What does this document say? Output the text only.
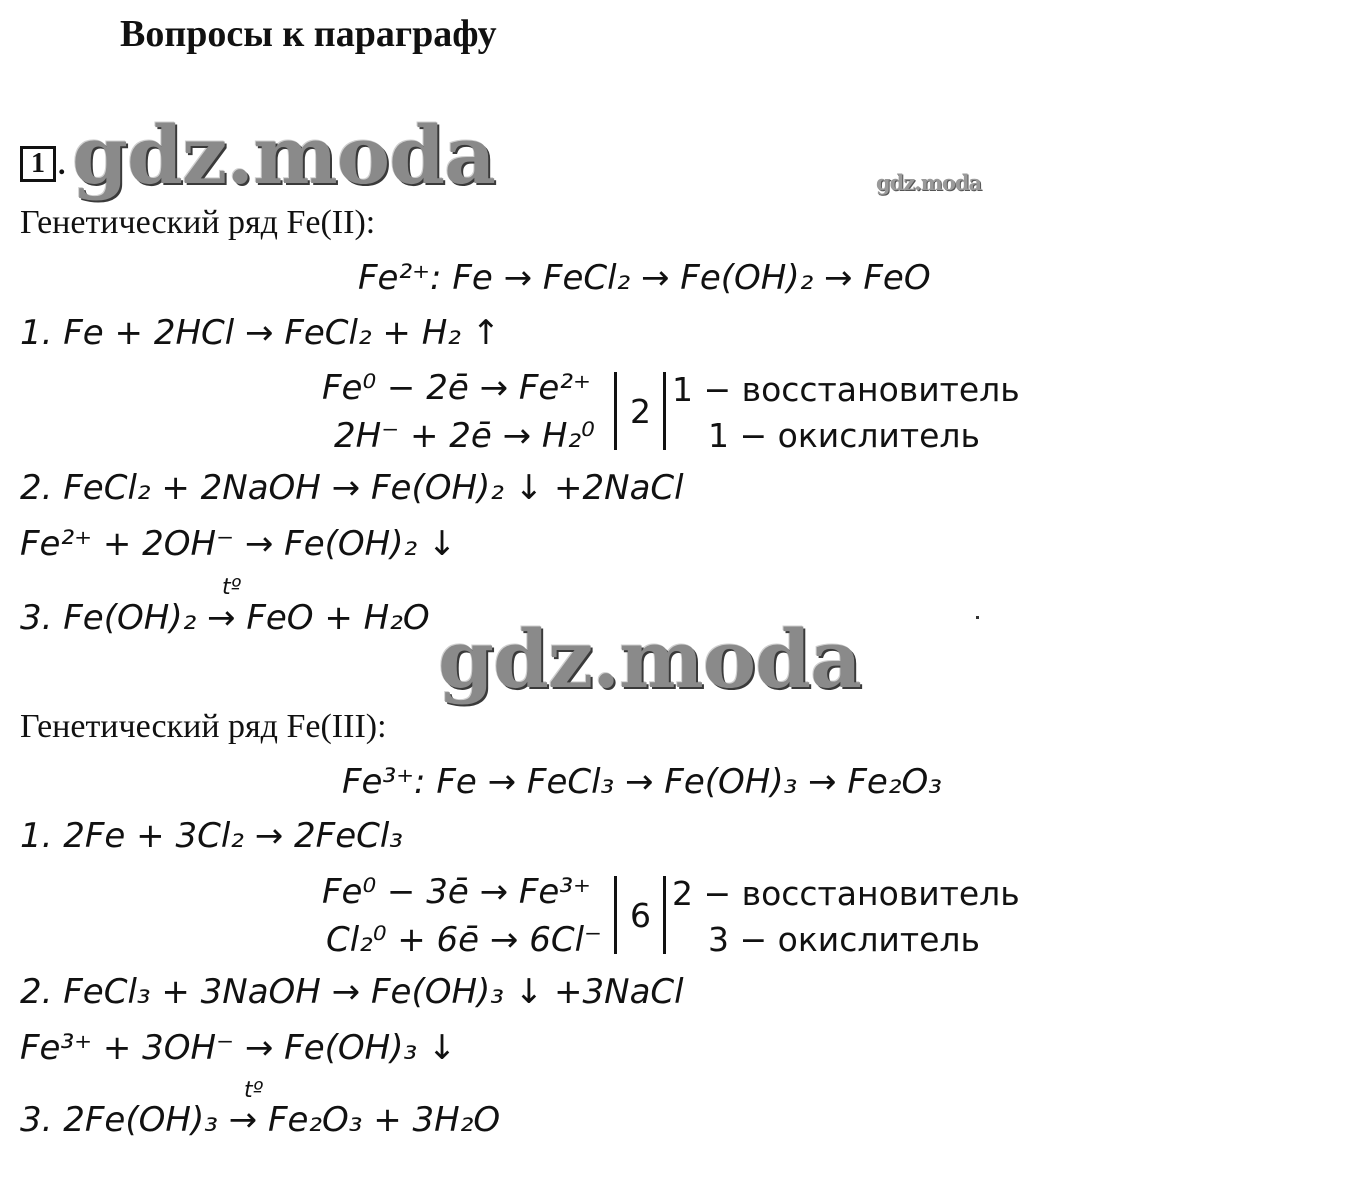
Вопросы к параграфу
1 . gdz.moda	gdz.moda
Генетический ряд Fe(II):
Fe²⁺: Fe → FeCl₂ → Fe(OH)₂ → FeO
1. Fe + 2HCl → FeCl₂ + H₂ ↑
Fe⁰ − 2ē → Fe²⁺
2H⁻ + 2ē → H₂⁰
2
1 − восстановитель
1 − окислитель
2. FeCl₂ + 2NaOH → Fe(OH)₂ ↓ +2NaCl
Fe²⁺ + 2OH⁻ → Fe(OH)₂ ↓
tº
3. Fe(OH)₂ → FeO + H₂O gdz.moda
Генетический ряд Fe(III):
Fe³⁺: Fe → FeCl₃ → Fe(OH)₃ → Fe₂O₃
1. 2Fe + 3Cl₂ → 2FeCl₃
Fe⁰ − 3ē → Fe³⁺
Cl₂⁰ + 6ē → 6Cl⁻
6
2 − восстановитель
3 − окислитель
2. FeCl₃ + 3NaOH → Fe(OH)₃ ↓ +3NaCl
Fe³⁺ + 3OH⁻ → Fe(OH)₃ ↓
tº
3. 2Fe(OH)₃ → Fe₂O₃ + 3H₂O
